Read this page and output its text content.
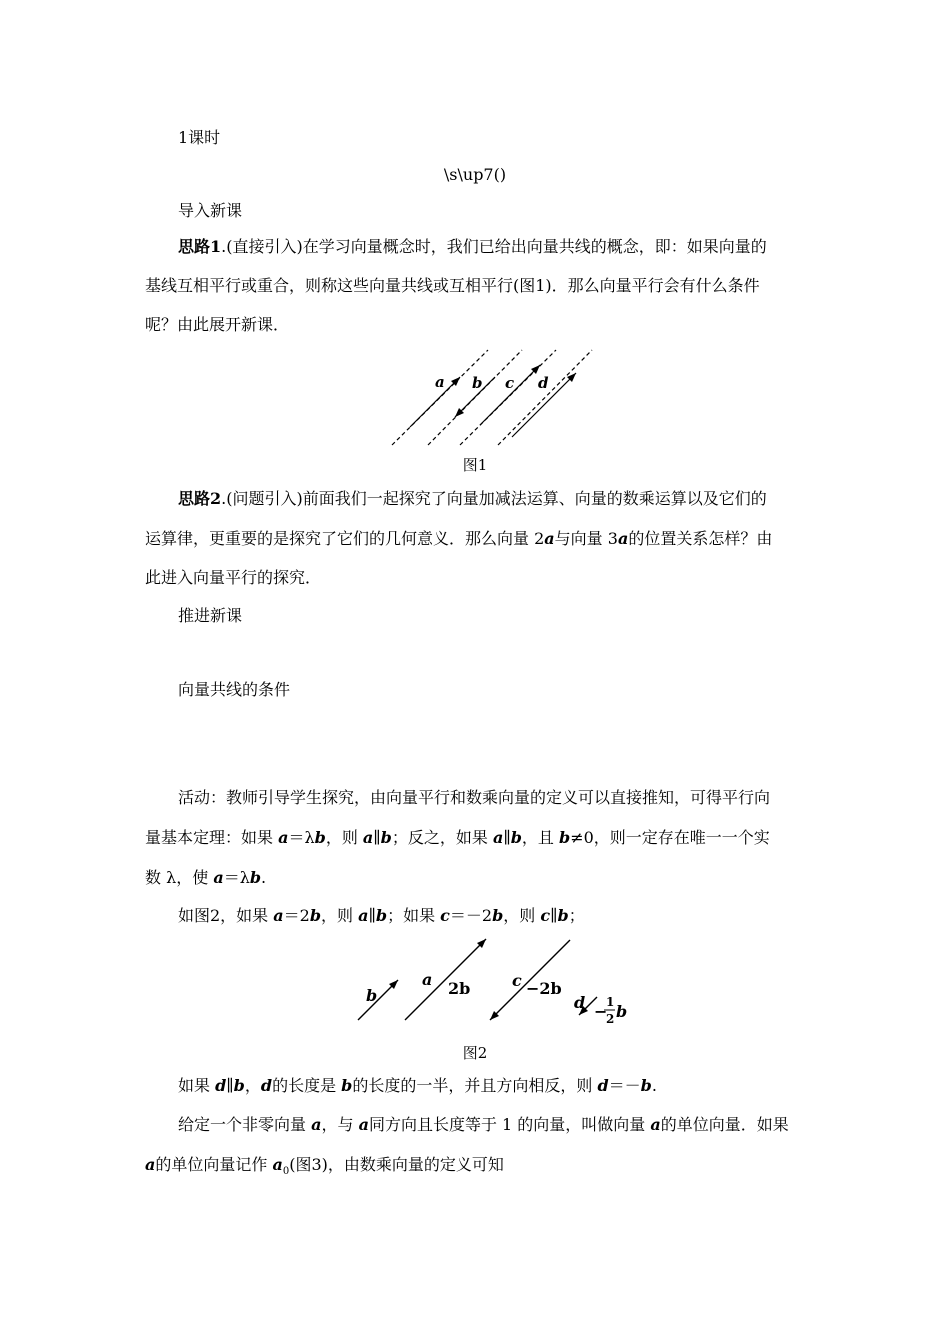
1课时
\s\up7()
导入新课
思路1.(直接引入)在学习向量概念时，我们已给出向量共线的概念，即：如果向量的
基线互相平行或重合，则称这些向量共线或互相平行(图1)．那么向量平行会有什么条件
呢？由此展开新课．
a b c d
图1
思路2.(问题引入)前面我们一起探究了向量加减法运算、向量的数乘运算以及它们的
运算律，更重要的是探究了它们的几何意义．那么向量 2a与向量 3a的位置关系怎样？由
此进入向量平行的探究．
推进新课
向量共线的条件
活动：教师引导学生探究，由向量平行和数乘向量的定义可以直接推知，可得平行向
量基本定理：如果 a＝λb，则 a∥b；反之，如果 a∥b，且 b≠0，则一定存在唯一一个实
数 λ，使 a＝λb.
如图2，如果 a＝2b，则 a∥b；如果 c＝－2b，则 c∥b；
b
a 2b	c −2b
d −
1
2 b
图2
如果 d∥b，d的长度是 b的长度的一半，并且方向相反，则 d＝－b.
给定一个非零向量 a，与 a同方向且长度等于 1 的向量，叫做向量 a的单位向量．如果
a的单位向量记作 $a_0$(图3)，由数乘向量的定义可知
